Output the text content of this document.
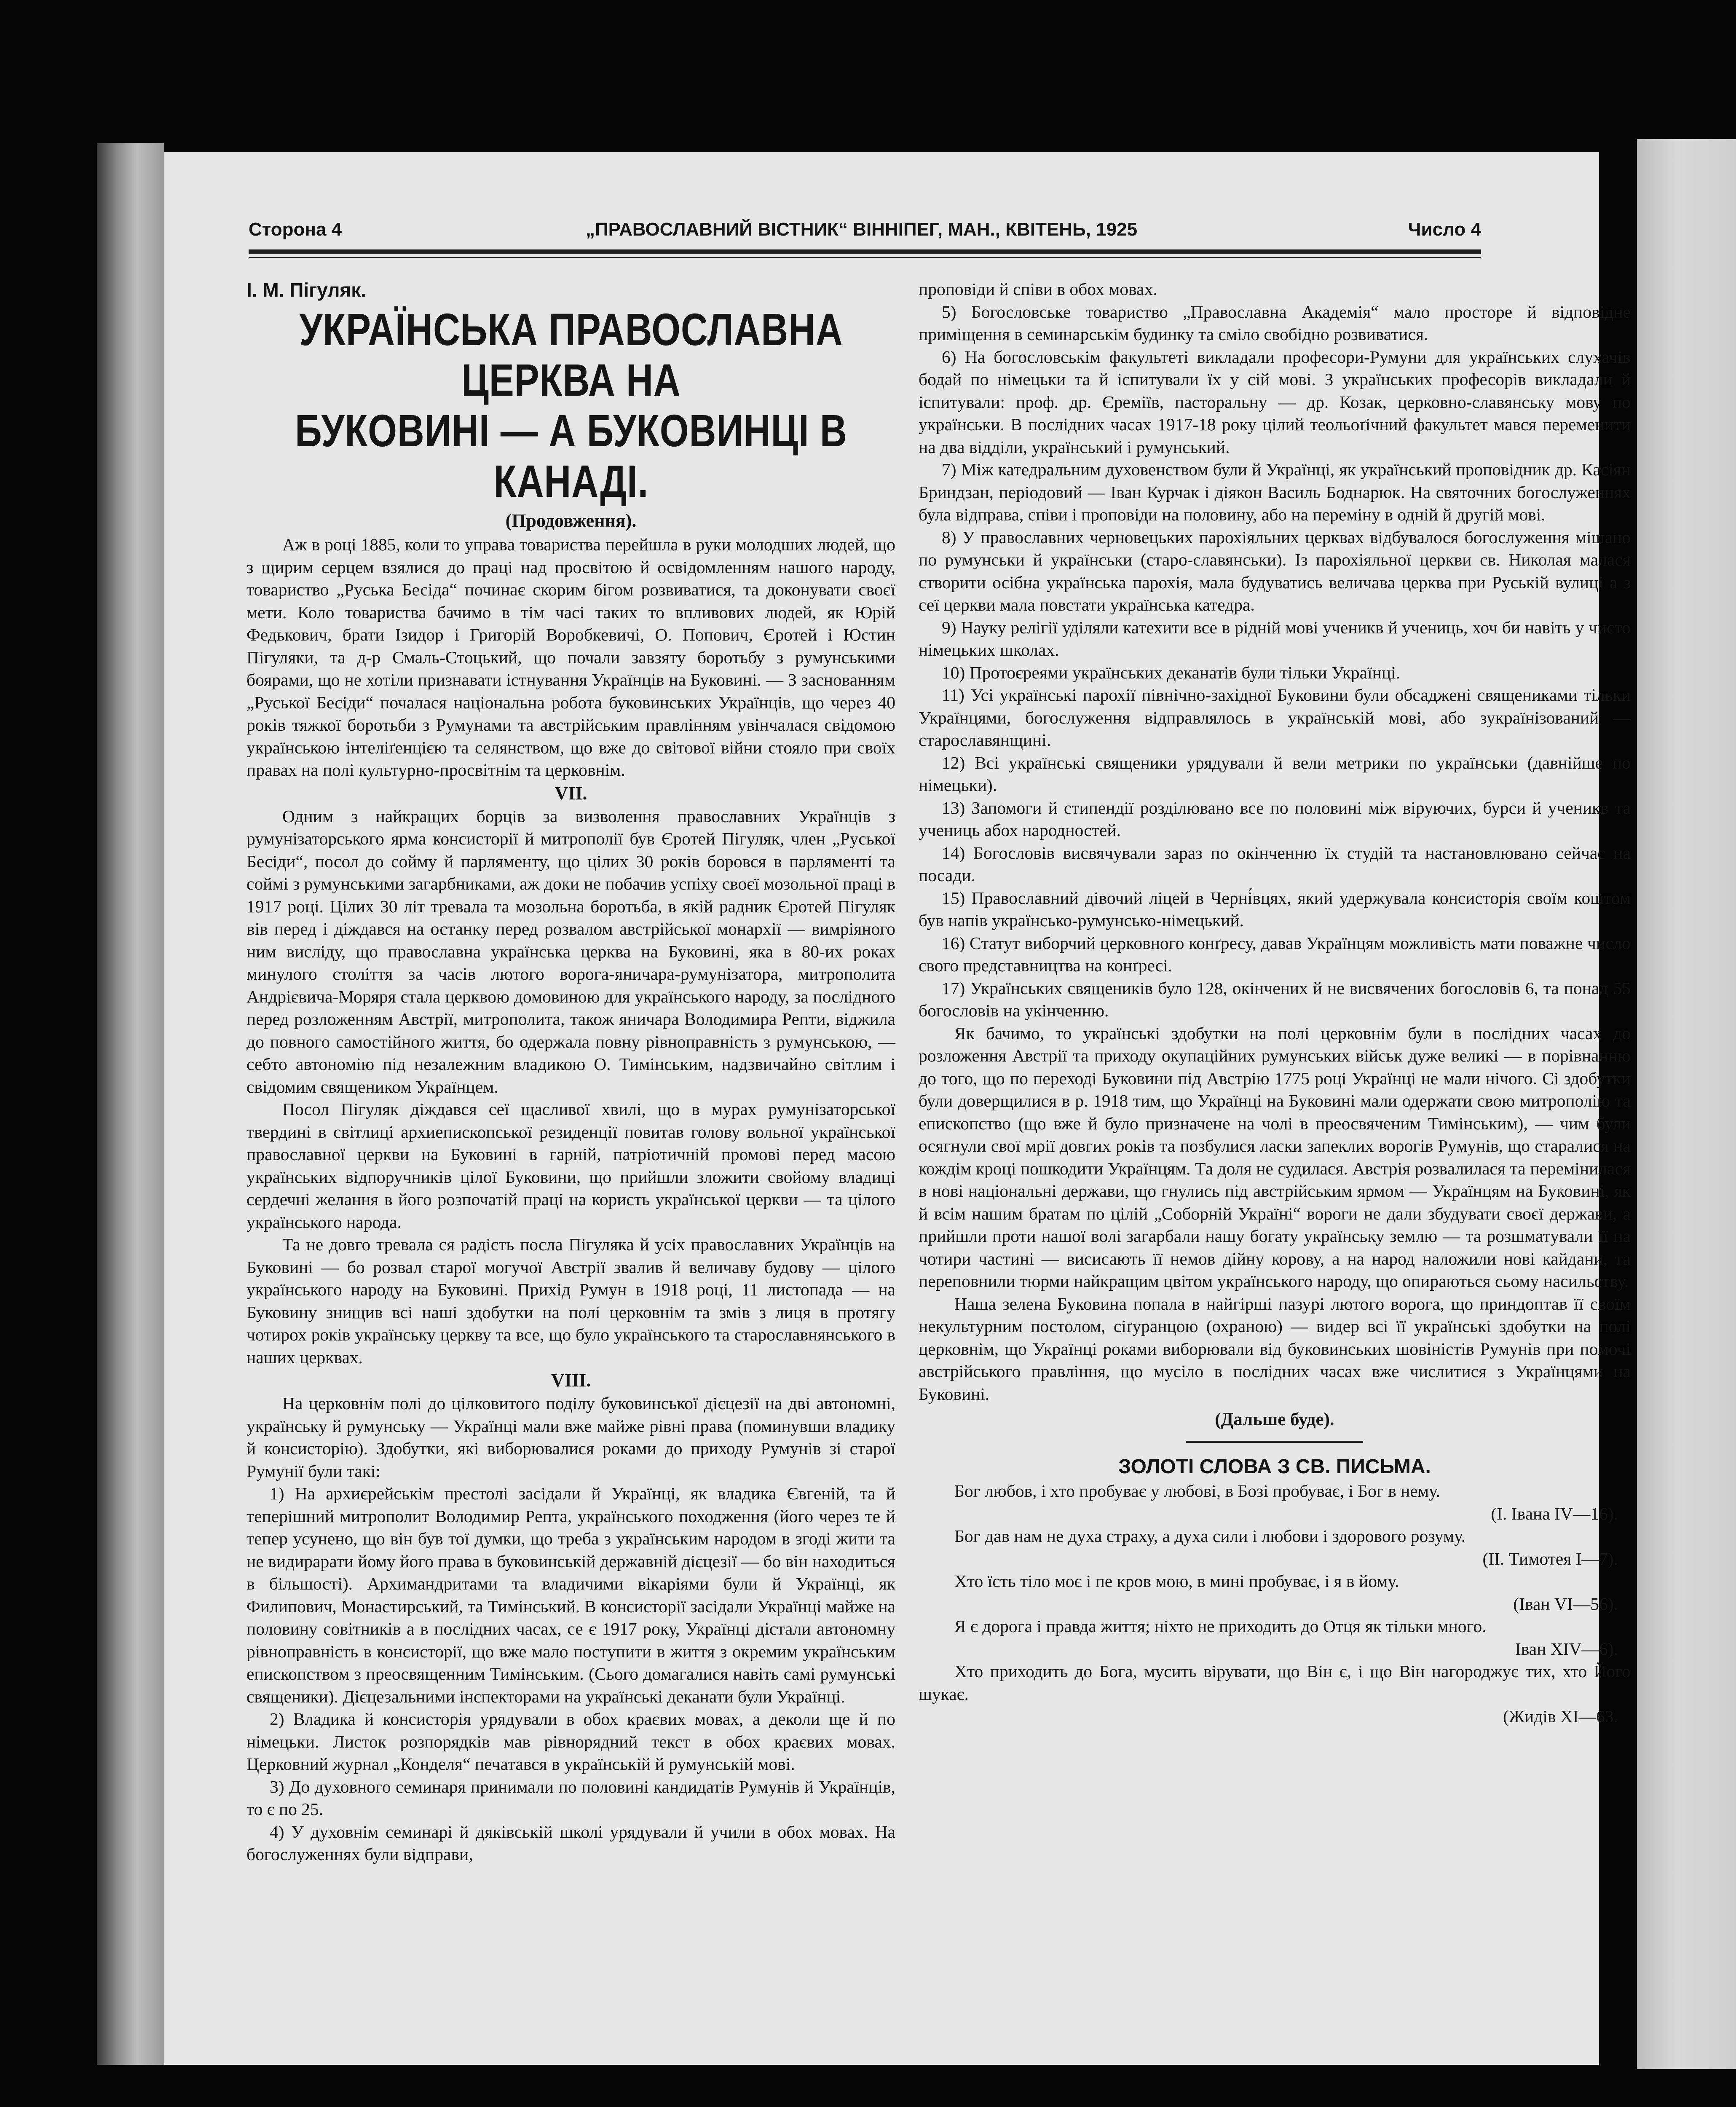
Сторона 4	„ПРАВОСЛАВНИЙ ВІСТНИК“ ВІННІПЕГ, МАН., КВІТЕНЬ, 1925	Число 4
І. М. Пігуляк.
УКРАЇНСЬКА ПРАВОСЛАВНА ЦЕРКВА НА
БУКОВИНІ — А БУКОВИНЦІ В КАНАДІ.
(Продовження).

Аж в році 1885, коли то управа товариства перейшла в руки молодших людей, що з щирим серцем взялися до праці над просвітою й освідомленням нашого народу, товариство „Руська Бесіда“ починає скорим бігом розвиватися, та доконувати своєї мети. Коло товариства бачимо в тім часі таких то впливових людей, як Юрій Федькович, брати Ізидор і Григорій Воробкевичі, О. Попович, Єротей і Юстин Пігуляки, та д-р Смаль-Стоцький, що почали завзяту боротьбу з румунськими боярами, що не хотіли признавати істнування Українців на Буковині. — З заснованням „Руської Бесіди“ почалася національна робота буковинських Українців, що через 40 років тяжкої боротьби з Румунами та австрійським правлінням увінчалася свідомою українською інтеліґенцією та селянством, що вже до світової війни стояло при своїх правах на полі культурно-просвітнім та церковнім.

VII.

Одним з найкращих борців за визволення православних Українців з румунізаторського ярма консисторії й митрополії був Єротей Пігуляк, член „Руської Бесіди“, посол до сойму й парляменту, що цілих 30 років боровся в парляменті та соймі з румунськими загарбниками, аж доки не побачив успіху своєї мозольної праці в 1917 році. Цілих 30 літ тревала та мозольна боротьба, в якій радник Єротей Пігуляк вів перед і діждався на останку перед розвалом австрійської монархії — вимріяного ним висліду, що православна українська церква на Буковині, яка в 80-их роках минулого століття за часів лютого ворога-яничара-румунізатора, митрополита Андрієвича-Моряря стала церквою домовиною для українського народу, за послідного перед розложенням Австрії, митрополита, також яничара Володимира Репти, віджила до повного самостійного життя, бо одержала повну рівноправність з румунською, — себто автономію під незалежним владикою О. Тимінським, надзвичайно світлим і свідомим священиком Українцем.

Посол Пігуляк діждався сеї щасливої хвилі, що в мурах румунізаторської твердині в світлиці архиепископської резиденції повитав голову вольної української православної церкви на Буковині в гарній, патріотичній промові перед масою українських відпоручників цілої Буковини, що прийшли зложити свойому владиці сердечні желання в його розпочатій праці на користь української церкви — та цілого українського народа.

Та не довго тревала ся радість посла Пігуляка й усіх православних Українців на Буковині — бо розвал старої могучої Австрії звалив й величаву будову — цілого українського народу на Буковині. Прихід Румун в 1918 році, 11 листопада — на Буковину знищив всі наші здобутки на полі церковнім та змів з лиця в протягу чотирох років українську церкву та все, що було українського та старославнянського в наших церквах.

VIII.

На церковнім полі до цілковитого поділу буковинської дієцезії на дві автономні, українську й румунську — Українці мали вже майже рівні права (поминувши владику й консисторію). Здобутки, які виборювалися роками до приходу Румунів зі старої Румунії були такі:

1) На архиєрейськім престолі засідали й Українці, як владика Євгеній, та й теперішний митрополит Володимир Репта, українського походження (його через те й тепер усунено, що він був тої думки, що треба з українським народом в згоді жити та не видирарати йому його права в буковинській державній дієцезії — бо він находиться в більшості). Архимандритами та владичими вікаріями були й Українці, як Филипович, Монастирський, та Тимінський. В консисторії засідали Українці майже на половину совітників а в послідних часах, се є 1917 року, Українці дістали автономну рівноправність в консисторії, що вже мало поступити в життя з окремим українським епископством з преосвященним Тимінським. (Сього домагалися навіть самі румунські священики). Дієцезальними інспекторами на українські деканати були Українці.

2) Владика й консисторія урядували в обох краєвих мовах, а деколи ще й по німецьки. Листок розпорядків мав рівнорядний текст в обох краєвих мовах. Церковний журнал „Конделя“ печатався в українській й румунській мові.

3) До духовного семинаря принимали по половині кандидатів Румунів й Українців, то є по 25.

4) У духовнім семинарі й дяківській школі урядували й учили в обох мовах. На богослуженнях були відправи,

проповіди й співи в обох мовах.

5) Богословське товариство „Православна Академія“ мало просторе й відповідне приміщення в семинарськім будинку та сміло свобідно розвиватися.

6) На богословськім факультеті викладали професори-Румуни для українських слухачів бодай по німецьки та й іспитували їх у сій мові. З українських професорів викладали й іспитували: проф. др. Єреміїв, пасторальну — др. Козак, церковно-славянську мову по українськи. В послідних часах 1917-18 року цілий теольоґічний факультет мався переменити на два відділи, український і румунський.

7) Між катедральним духовенством були й Українці, як український проповідник др. Касіян Бриндзан, періодовий — Іван Курчак і діякон Василь Боднарюк. На святочних богослуженнях була відправа, співи і проповіди на половину, або на переміну в одній й другій мові.

8) У православних черновецьких парохіяльних церквах відбувалося богослуження мішано по румунськи й українськи (старо-славянськи). Із парохіяльної церкви св. Николая малася створити осібна українська парохія, мала будуватись величава церква при Руській вулиці а з сеї церкви мала повстати українська катедра.

9) Науку релігії уділяли катехити все в рідній мові ученикв й учениць, хоч би навіть у чисто німецьких школах.

10) Протоєреями українських деканатів були тільки Українці.

11) Усі українські парохії північно-західної Буковини були обсаджені священиками тільки Українцями, богослуження відправлялось в українській мові, або зукраїнізований — старославянщині.

12) Всі українські священики урядували й вели метрики по українськи (давнійше по німецьки).

13) Запомоги й стипендії розділювано все по половині між віруючих, бурси й ученикв та учениць абох народностей.

14) Богословів висвячували зараз по окінченню їх студій та настановлювано сейчас на посади.

15) Православний дівочий ліцей в Черні́вцях, який удержувала консисторія своїм коштом був напів українсько-румунсько-німецький.

16) Статут виборчий церковного конґресу, давав Українцям можливість мати поважне число свого представництва на конґресі.

17) Українських священиків було 128, окінчених й не висвячених богословів 6, та понад 55 богословів на укінченню.

Як бачимо, то українські здобутки на полі церковнім були в послідних часах до розложення Австрії та приходу окупаційних румунських військ дуже великі — в порівнанню до того, що по переході Буковини під Австрію 1775 році Українці не мали нічого. Сі здобутки були доверщилися в р. 1918 тим, що Українці на Буковині мали одержати свою митрополію та епископство (що вже й було призначене на чолі в преосвяченим Тимінським), — чим були осягнули свої мрії довгих років та позбулися ласки запеклих ворогів Румунів, що старалися на кождім кроці пошкодити Українцям. Та доля не судилася. Австрія розвалилася та перемінилася в нові національні держави, що гнулись під австрійським ярмом — Українцям на Буковині, як й всім нашим братам по цілій „Соборній Україні“ вороги не дали збудувати своєї держави, а прийшли проти нашої волі загарбали нашу богату українську землю — та розшматували її на чотири частині — висисають її немов дійну корову, а на народ наложили нові кайдани, та переповнили тюрми найкращим цвітом українського народу, що опираються сьому насильству.

Наша зелена Буковина попала в найгірші пазурі лютого ворога, що приндоптав її своїм некультурним постолом, сіґуранцою (охраною) — видер всі її українські здобутки на полі церковнім, що Українці роками виборювали від буковинських шовіністів Румунів при помочі австрійського правління, що мусіло в послідних часах вже числитися з Українцями на Буковині.

(Дальше буде).
ЗОЛОТІ СЛОВА З СВ. ПИСЬМА.

Бог любов, і хто пробуває у любові, в Бозі пробуває, і Бог в нему.
(І. Івана IV—16).

Бог дав нам не духа страху, а духа сили і любови і здорового розуму.
(ІІ. Тимотея І—7).

Хто їсть тіло моє і пе кров мою, в мині пробуває, і я в йому.
(Іван VI—56).

Я є дорога і правда життя; ніхто не приходить до Отця як тільки много.
Іван XIV—6).

Хто приходить до Бога, мусить вірувати, що Він є, і що Він нагороджує тих, хто Його шукає.
(Жидів XI—63.
